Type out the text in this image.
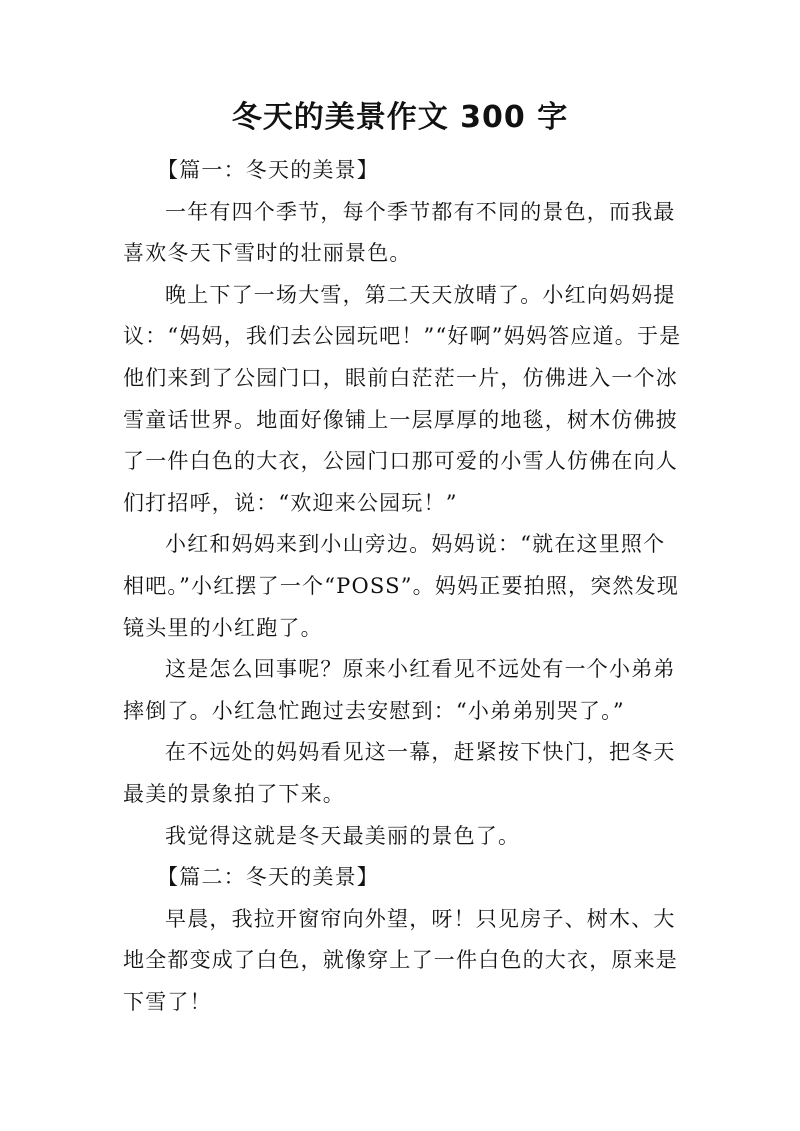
冬天的美景作文 300 字

【篇一：冬天的美景】

一年有四个季节，每个季节都有不同的景色，而我最喜欢冬天下雪时的壮丽景色。

晚上下了一场大雪，第二天天放晴了。小红向妈妈提议：“妈妈，我们去公园玩吧！”“好啊”妈妈答应道。于是他们来到了公园门口，眼前白茫茫一片，仿佛进入一个冰雪童话世界。地面好像铺上一层厚厚的地毯，树木仿佛披了一件白色的大衣，公园门口那可爱的小雪人仿佛在向人们打招呼，说：“欢迎来公园玩！”

小红和妈妈来到小山旁边。妈妈说：“就在这里照个相吧。”小红摆了一个“POSS”。妈妈正要拍照，突然发现镜头里的小红跑了。

这是怎么回事呢？原来小红看见不远处有一个小弟弟摔倒了。小红急忙跑过去安慰到：“小弟弟别哭了。”

在不远处的妈妈看见这一幕，赶紧按下快门，把冬天最美的景象拍了下来。

我觉得这就是冬天最美丽的景色了。

【篇二：冬天的美景】

早晨，我拉开窗帘向外望，呀！只见房子、树木、大地全都变成了白色，就像穿上了一件白色的大衣，原来是下雪了！
